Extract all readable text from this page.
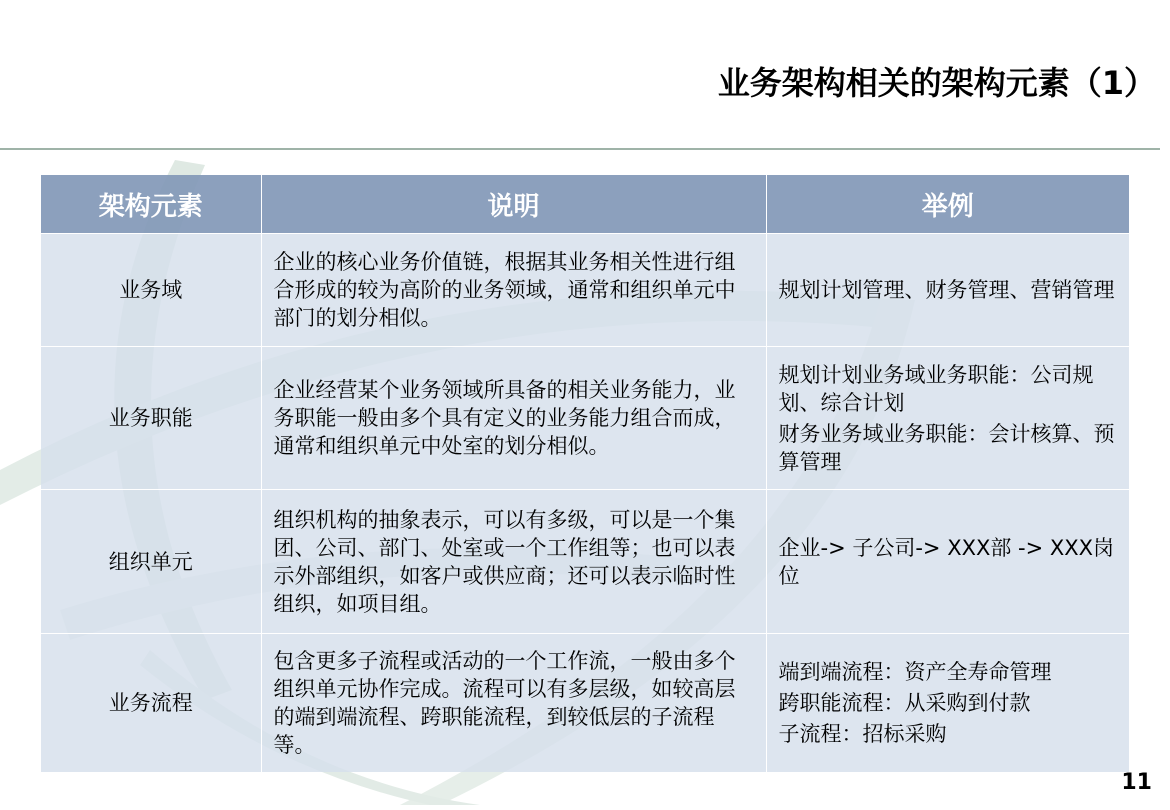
业务架构相关的架构元素（1）
架构元素	说明	举例
业务域	企业的核心业务价值链，根据其业务相关性进行组合形成的较为高阶的业务领域，通常和组织单元中部门的划分相似。	规划计划管理、财务管理、营销管理

业务职能	企业经营某个业务领域所具备的相关业务能力，业务职能一般由多个具有定义的业务能力组合而成，通常和组织单元中处室的划分相似。	规划计划业务域业务职能：公司规划、综合计划
财务业务域业务职能：会计核算、预算管理

组织单元	组织机构的抽象表示，可以有多级，可以是一个集团、公司、部门、处室或一个工作组等；也可以表示外部组织，如客户或供应商；还可以表示临时性组织，如项目组。	企业-> 子公司-> XXX部 -> XXX岗位

业务流程	包含更多子流程或活动的一个工作流，一般由多个组织单元协作完成。流程可以有多层级，如较高层的端到端流程、跨职能流程，到较低层的子流程等。	端到端流程：资产全寿命管理
跨职能流程：从采购到付款
子流程：招标采购
11
